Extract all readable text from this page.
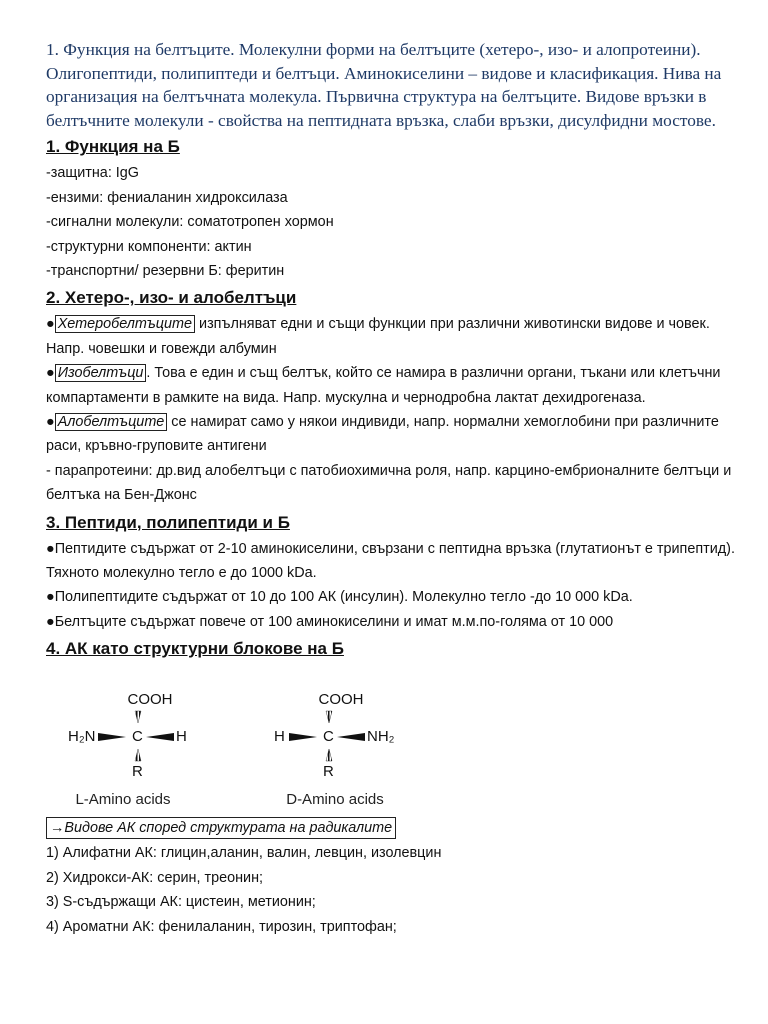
1. Функция на белтъците. Молекулни форми на белтъците (хетеро-, изо- и алопротеини). Олигопептиди, полипиптеди и белтъци. Аминокиселини – видове и класификация. Нива на организация на белтъчната молекула. Първична структура на белтъците. Видове връзки в белтъчните молекули - свойства на пептидната връзка, слаби връзки, дисулфидни мостове.

1. Функция на Б

-защитна: IgG

-ензими: фениаланин хидроксилаза

-сигнални молекули: соматотропен хормон

-структурни компоненти: актин

-транспортни/ резервни Б: феритин

2. Хетеро-, изо- и алобелтъци

● Хетеробелтъците изпълняват едни и същи функции при различни животински видове и човек. Напр. човешки и говежди албумин

● Изобелтъци . Това е един и същ белтък, който се намира в различни органи, тъкани или клетъчни компартаменти в рамките на вида. Напр. мускулна и чернодробна лактат дехидрогеназа.

● Алобелтъците се намират само у някои индивиди, напр. нормални хемоглобини при различните раси, кръвно-груповите антигени

- парапротеини: др.вид алобелтъци с патобиохимична роля, напр. карцино-ембрионалните белтъци и белтъка на Бен-Джонс

3. Пептиди, полипептиди и Б

●Пептидите съдържат от 2-10 аминокиселини, свързани с пептидна връзка (глутатионът е трипептид). Тяхното молекулно тегло е до 1000 kDa.

●Полипептидите съдържат от 10 до 100 АК (инсулин). Молекулно тегло -до 10 000 kDa.

●Белтъците съдържат повече от 100 аминокиселини и имат м.м.по-голяма от 10 000

4. АК като структурни блокове на Б
COOH
H₂N C H
R
L-Amino acids
COOH
H	C NH₂
R
D-Amino acids
→Видове АК според структурата на радикалите

1) Алифатни АК: глицин,аланин, валин, левцин, изолевцин

2) Хидрокси-АК: серин, треонин;

3) S-съдържащи АК: цистеин, метионин;

4) Ароматни АК: фенилаланин, тирозин, триптофан;
